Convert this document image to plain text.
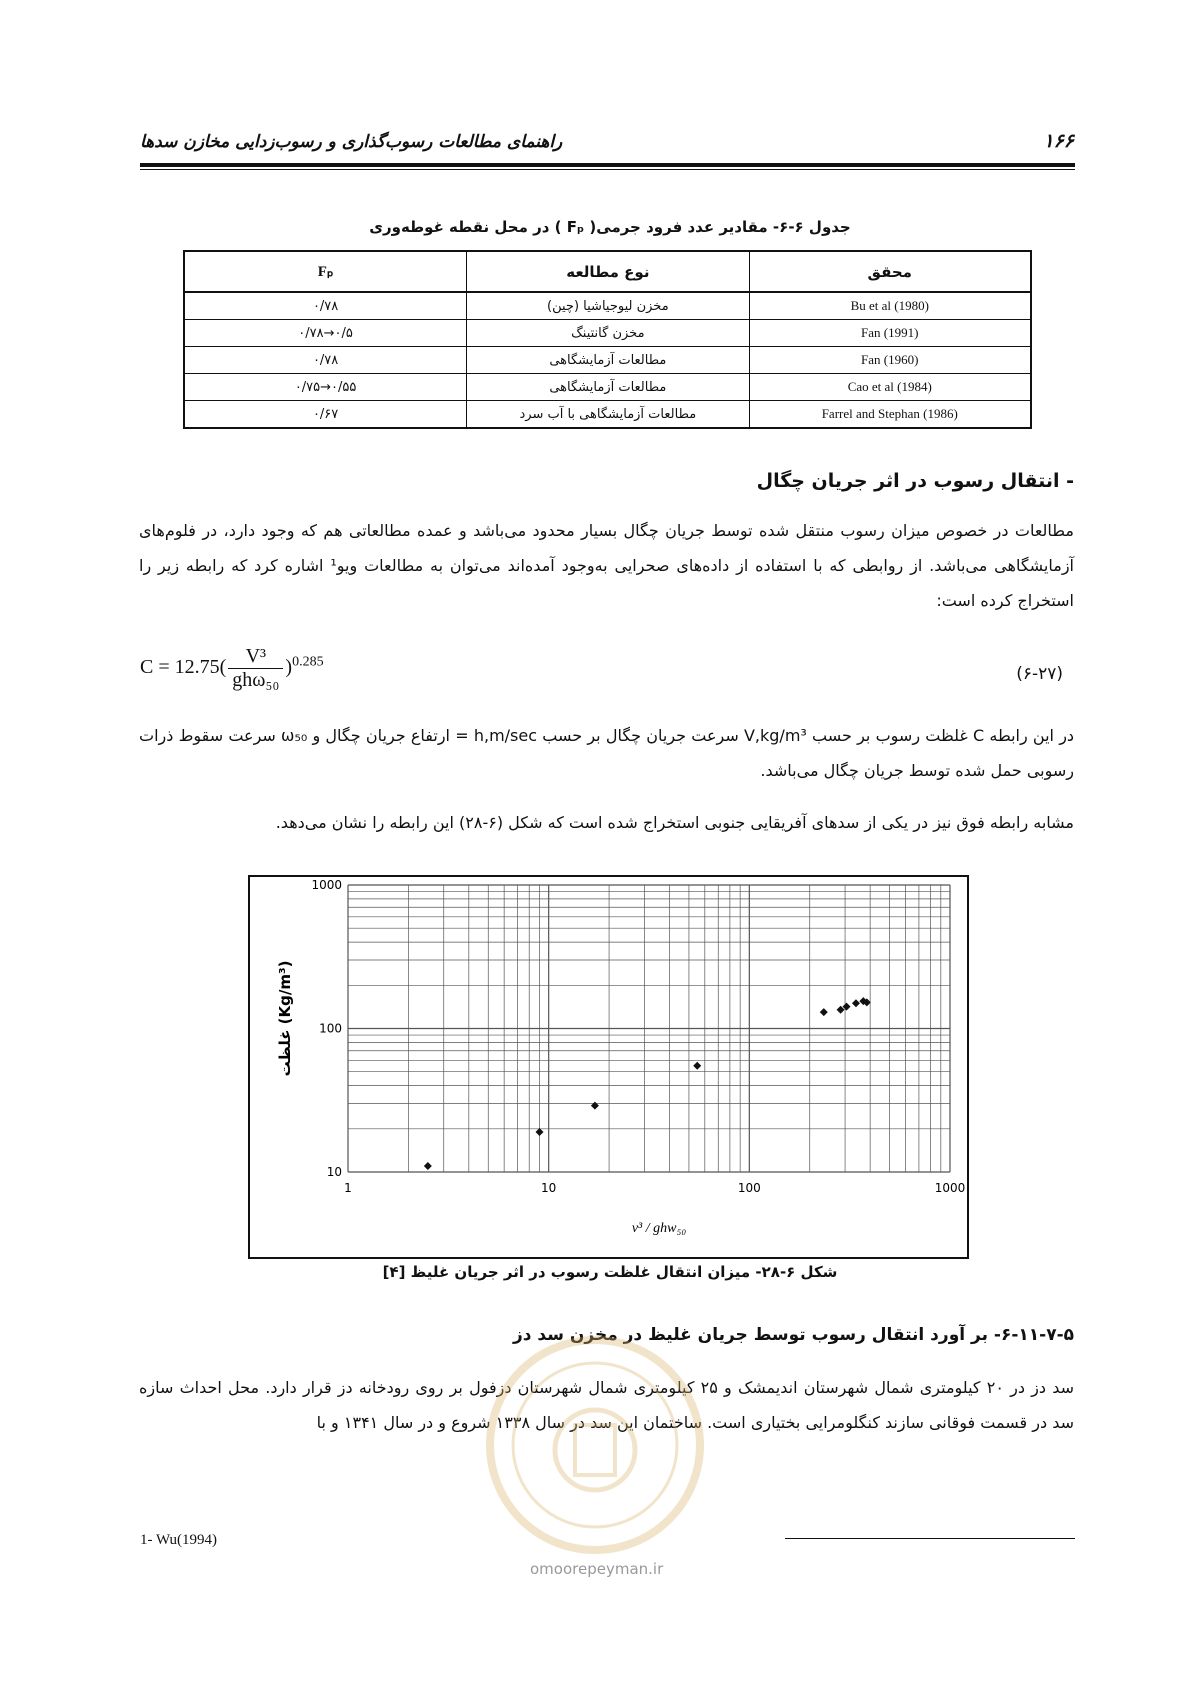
راهنمای مطالعات رسوب‌گذاری و رسوب‌زدایی مخازن سدها	۱۶۶
جدول ۶-۶- مقادیر عدد فرود جرمی( Fₚ ) در محل نقطه غوطه‌وری
محقق	نوع مطالعه	Fₚ
Bu et al (1980)	مخزن لیوجیاشیا (چین)	۰/۷۸
Fan (1991)	مخزن گانتینگ	۰/۵→۰/۷۸
Fan (1960)	مطالعات آزمایشگاهی	۰/۷۸
Cao et al (1984)	مطالعات آزمایشگاهی	۰/۵۵→۰/۷۵
Farrel and Stephan (1986)	مطالعات آزمایشگاهی با آب سرد	۰/۶۷
- انتقال رسوب در اثر جریان چگال
مطالعات در خصوص میزان رسوب منتقل شده توسط جریان چگال بسیار محدود می‌باشد و عمده مطالعاتی هم که وجود دارد، در فلوم‌های آزمایشگاهی می‌باشد. از روابطی که با استفاده از داده‌های صحرایی به‌وجود آمده‌اند می‌توان به مطالعات ویو¹ اشاره کرد که رابطه زیر را استخراج کرده است:
C = 12.75(
V³
ghω₅₀
)$^{0.285}$
(۶-۲۷)
در این رابطه C غلظت رسوب بر حسب V,kg/m³ سرعت جریان چگال بر حسب h,m/sec = ارتفاع جریان چگال و ω₅₀ سرعت سقوط ذرات رسوبی حمل شده توسط جریان چگال می‌باشد.
مشابه رابطه فوق نیز در یکی از سدهای آفریقایی جنوبی استخراج شده است که شکل (۶-۲۸) این رابطه را نشان می‌دهد.
1	10	100	1000
10
100
1000
v³ / ghw₅₀
غلظت (Kg/m³)
شکل ۶-۲۸- میزان انتقال غلظت رسوب در اثر جریان غلیظ [۴]
۶-۱۱-۷-۵- بر آورد انتقال رسوب توسط جریان غلیظ در مخزن سد دز
سد دز در ۲۰ کیلومتری شمال شهرستان اندیمشک و ۲۵ کیلومتری شمال شهرستان دزفول بر روی رودخانه دز قرار دارد. محل احداث سازه سد در قسمت فوقانی سازند کنگلومرایی بختیاری است. ساختمان این سد در سال ۱۳۳۸ شروع و در سال ۱۳۴۱ و با
omoorepeyman.ir
1- Wu(1994)
